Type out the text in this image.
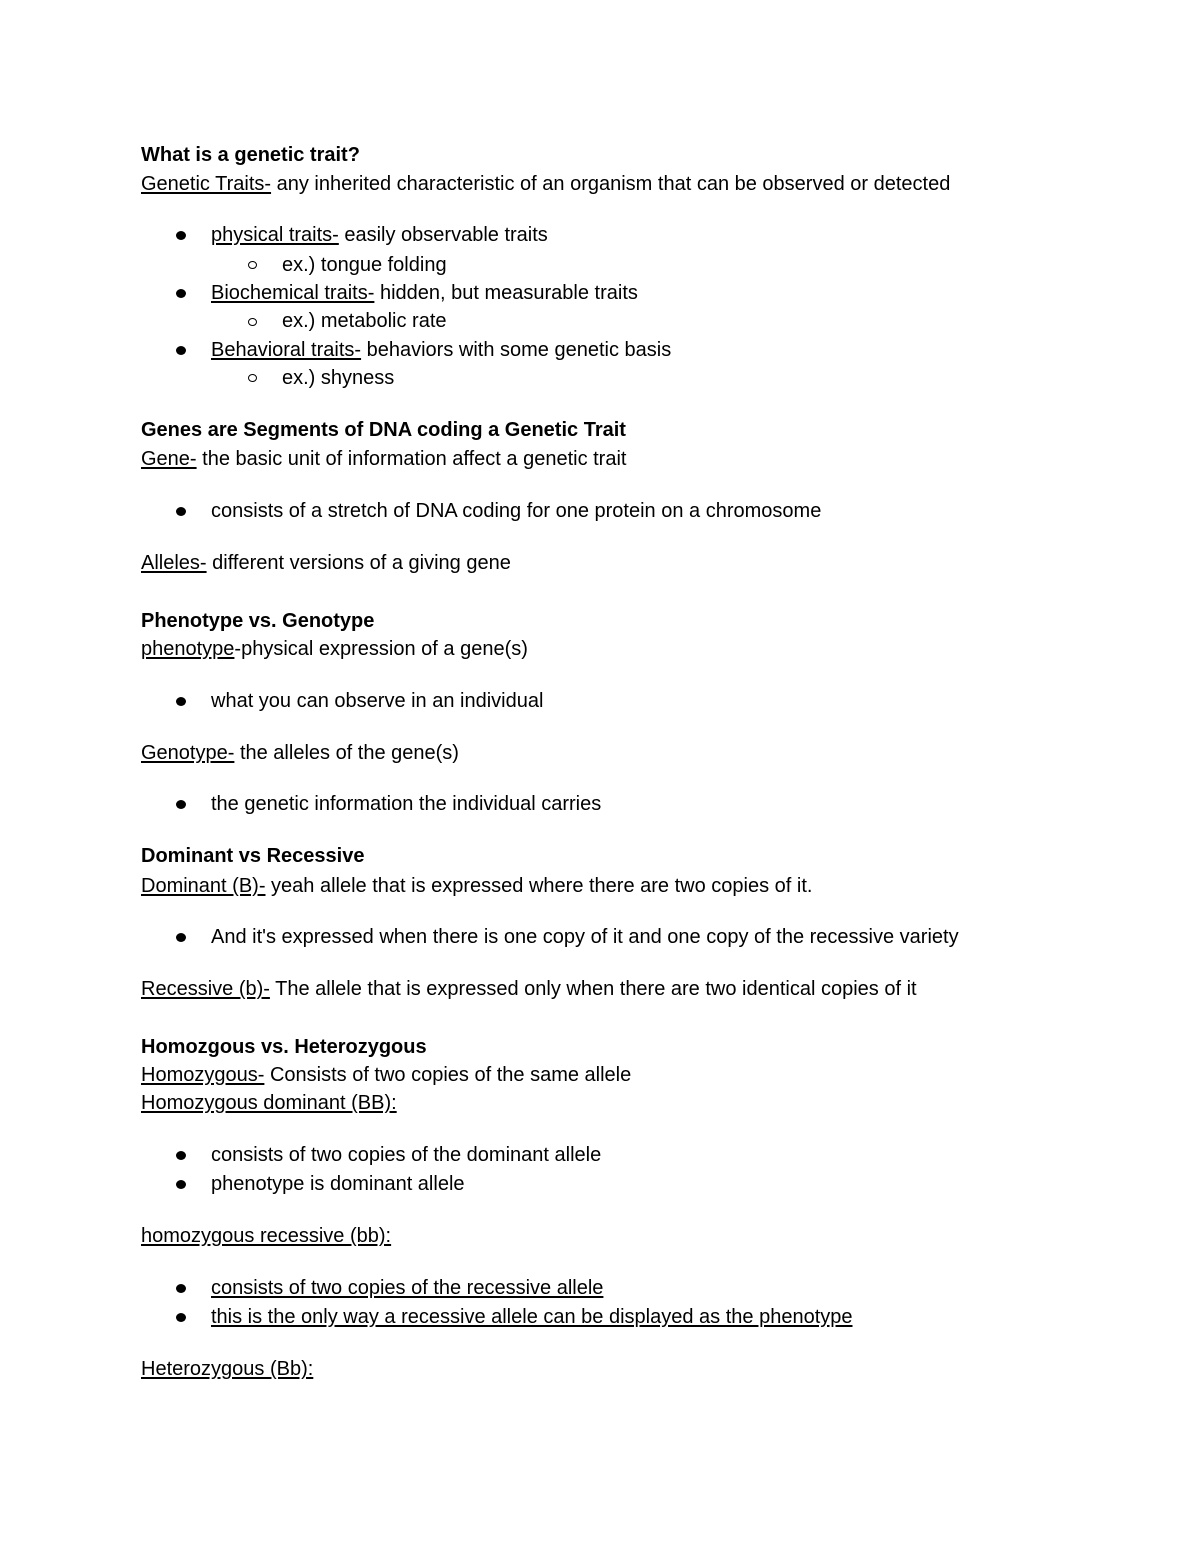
What is a genetic trait?
Genetic Traits- any inherited characteristic of an organism that can be observed or detected
physical traits- easily observable traits
ex.) tongue folding
Biochemical traits- hidden, but measurable traits
ex.) metabolic rate
Behavioral traits- behaviors with some genetic basis
ex.) shyness
Genes are Segments of DNA coding a Genetic Trait
Gene- the basic unit of information affect a genetic trait
consists of a stretch of DNA coding for one protein on a chromosome
Alleles- different versions of a giving gene
Phenotype vs. Genotype
phenotype-physical expression of a gene(s)
what you can observe in an individual
Genotype- the alleles of the gene(s)
the genetic information the individual carries
Dominant vs Recessive
Dominant (B)- yeah allele that is expressed where there are two copies of it.
And it's expressed when there is one copy of it and one copy of the recessive variety
Recessive (b)- The allele that is expressed only when there are two identical copies of it
Homozgous vs. Heterozygous
Homozygous- Consists of two copies of the same allele
Homozygous dominant (BB):
consists of two copies of the dominant allele
phenotype is dominant allele
homozygous recessive (bb):
consists of two copies of the recessive allele
this is the only way a recessive allele can be displayed as the phenotype
Heterozygous (Bb):
